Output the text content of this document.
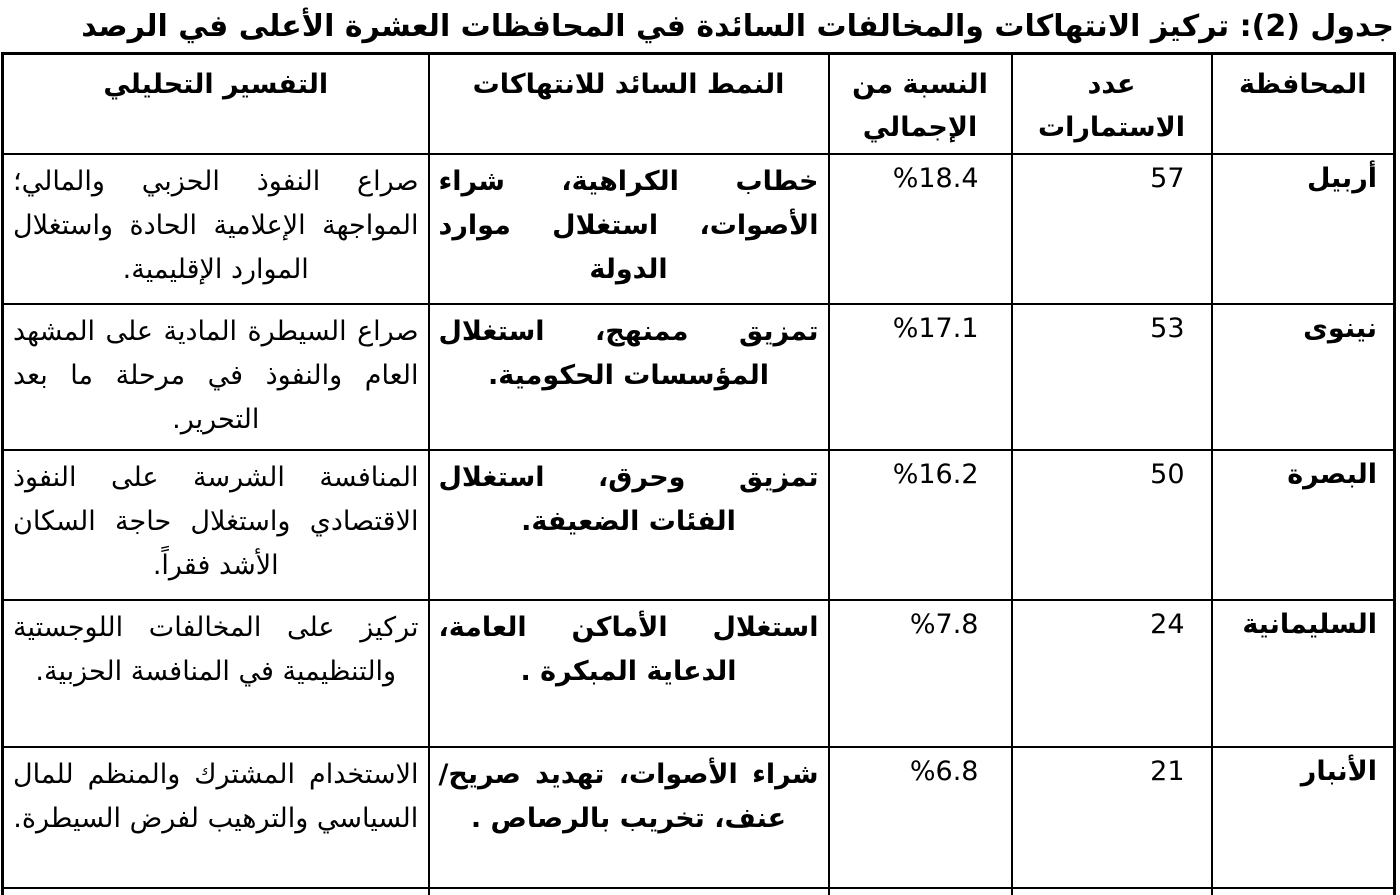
جدول (2): تركيز الانتهاكات والمخالفات السائدة في المحافظات العشرة الأعلى في الرصد
المحافظة	عدد الاستمارات	النسبة من الإجمالي	النمط السائد للانتهاكات	التفسير التحليلي
أربيل	57	%18.4	خطاب الكراهية، شراء الأصوات، استغلال موارد الدولة	صراع النفوذ الحزبي والمالي؛ المواجهة الإعلامية الحادة واستغلال الموارد الإقليمية.
نينوى	53	%17.1	تمزيق ممنهج، استغلال المؤسسات الحكومية.	صراع السيطرة المادية على المشهد العام والنفوذ في مرحلة ما بعد التحرير.
البصرة	50	%16.2	تمزيق وحرق، استغلال الفئات الضعيفة.	المنافسة الشرسة على النفوذ الاقتصادي واستغلال حاجة السكان الأشد فقراً.
السليمانية	24	%7.8	استغلال الأماكن العامة، الدعاية المبكرة .	تركيز على المخالفات اللوجستية والتنظيمية في المنافسة الحزبية.
الأنبار	21	%6.8	شراء الأصوات، تهديد صريح/عنف، تخريب بالرصاص .	الاستخدام المشترك والمنظم للمال السياسي والترهيب لفرض السيطرة.
